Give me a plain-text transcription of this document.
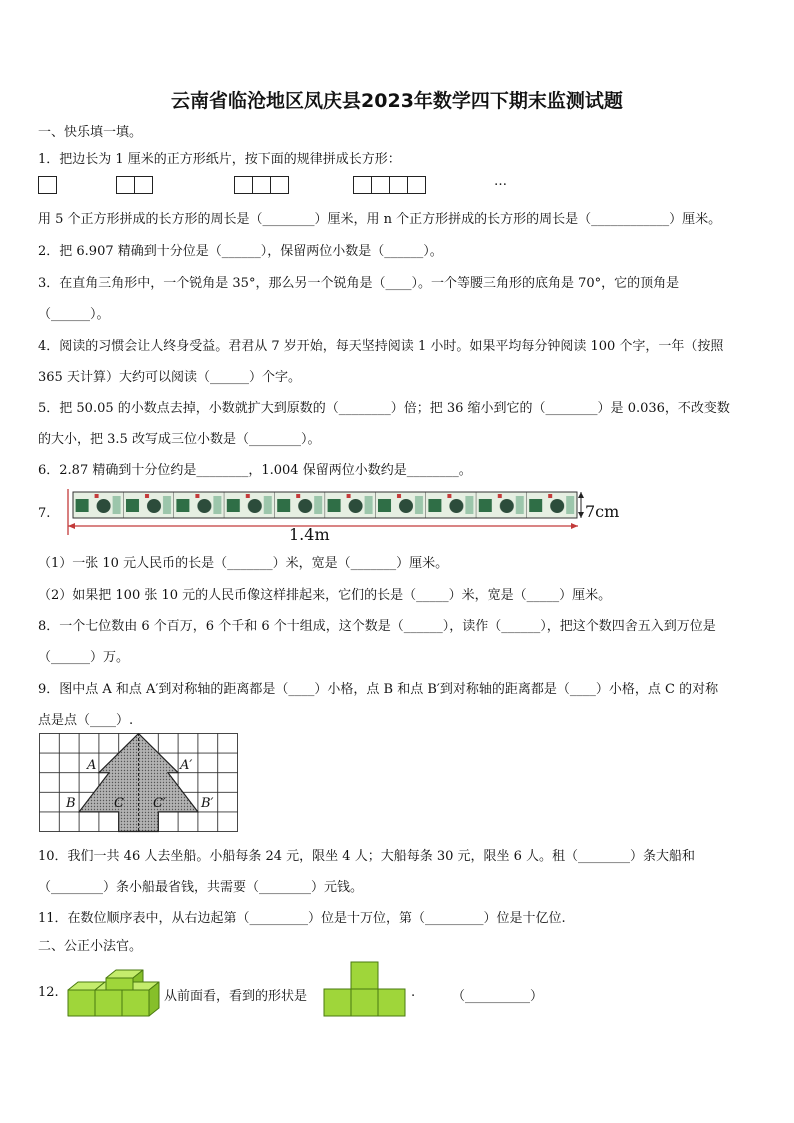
云南省临沧地区凤庆县2023年数学四下期末监测试题
一、快乐填一填。
1．把边长为 1 厘米的正方形纸片，按下面的规律拼成长方形：
…
用 5 个正方形拼成的长方形的周长是（________）厘米，用 n 个正方形拼成的长方形的周长是（____________）厘米。
2．把 6.907 精确到十分位是（______），保留两位小数是（______）。
3．在直角三角形中，一个锐角是 35°，那么另一个锐角是（____）。一个等腰三角形的底角是 70°，它的顶角是
（______）。
4．阅读的习惯会让人终身受益。君君从 7 岁开始，每天坚持阅读 1 小时。如果平均每分钟阅读 100 个字，一年（按照
365 天计算）大约可以阅读（______）个字。
5．把 50.05 的小数点去掉，小数就扩大到原数的（________）倍；把 36 缩小到它的（________）是 0.036，不改变数
的大小，把 3.5 改写成三位小数是（________）。
6．2.87 精确到十分位约是________，1.004 保留两位小数约是________。
7.
1.4m
7cm
（1）一张 10 元人民币的长是（_______）米，宽是（_______）厘米。
（2）如果把 100 张 10 元的人民币像这样排起来，它们的长是（_____）米，宽是（_____）厘米。
8．一个七位数由 6 个百万，6 个千和 6 个十组成，这个数是（______），读作（______），把这个数四舍五入到万位是
（______）万。
9．图中点 A 和点 A′到对称轴的距离都是（____）小格，点 B 和点 B′到对称轴的距离都是（____）小格，点 C 的对称
点是点（____）.
A	A′
B	B′
C C′
10．我们一共 46 人去坐船。小船每条 24 元，限坐 4 人；大船每条 30 元，限坐 6 人。租（________）条大船和
（________）条小船最省钱，共需要（________）元钱。
11．在数位顺序表中，从右边起第（_________）位是十万位，第（_________）位是十亿位.
二、公正小法官。
12.	从前面看，看到的形状是	.	（__________）
